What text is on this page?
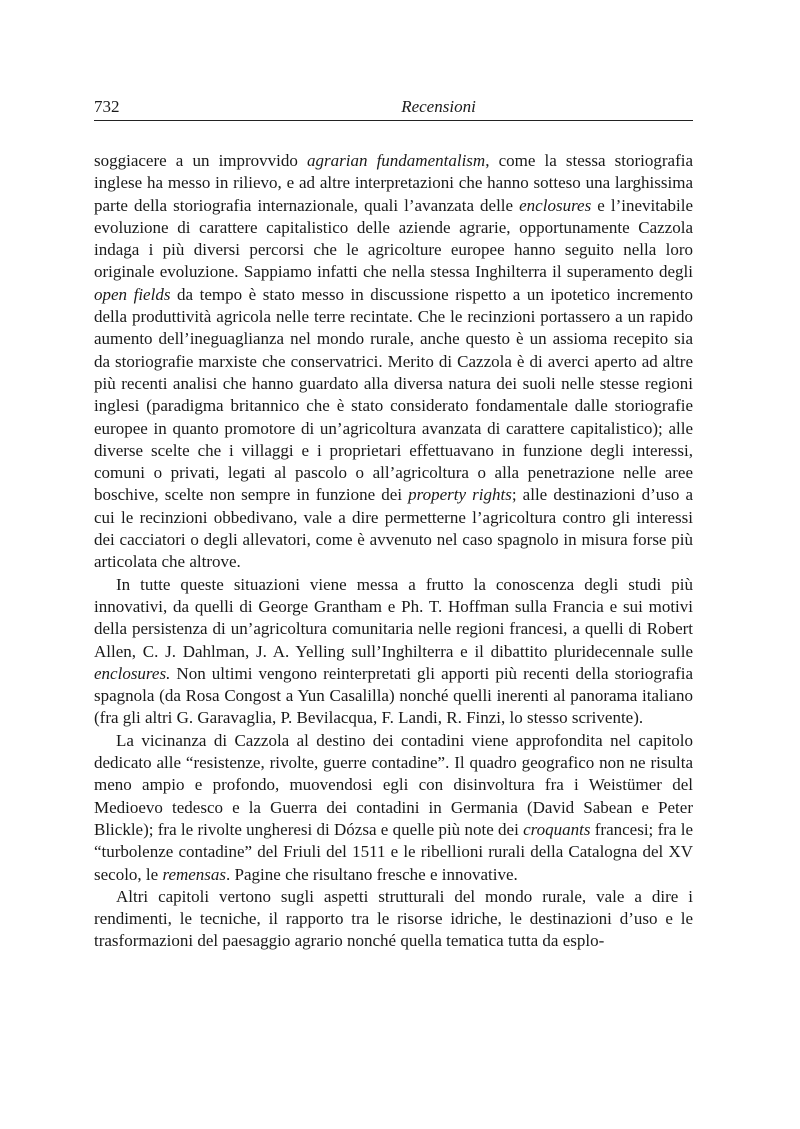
732	Recensioni

soggiacere a un improvvido agrarian fundamentalism, come la stessa storiografia inglese ha messo in rilievo, e ad altre interpretazioni che hanno sotteso una larghissima parte della storiografia internazionale, quali l’avanzata delle enclosures e l’inevitabile evoluzione di carattere capitalistico delle aziende agrarie, opportunamente Cazzola indaga i più diversi percorsi che le agricolture europee hanno seguito nella loro originale evoluzione. Sappiamo infatti che nella stessa Inghilterra il superamento degli open fields da tempo è stato messo in discussione rispetto a un ipotetico incremento della produttività agricola nelle terre recintate. Che le recinzioni portassero a un rapido aumento dell’ineguaglianza nel mondo rurale, anche questo è un assioma recepito sia da storiografie marxiste che conservatrici. Merito di Cazzola è di averci aperto ad altre più recenti analisi che hanno guardato alla diversa natura dei suoli nelle stesse regioni inglesi (paradigma britannico che è stato considerato fondamentale dalle storiografie europee in quanto promotore di un’agricoltura avanzata di carattere capitalistico); alle diverse scelte che i villaggi e i proprietari effettuavano in funzione degli interessi, comuni o privati, legati al pascolo o all’agricoltura o alla penetrazione nelle aree boschive, scelte non sempre in funzione dei property rights; alle destinazioni d’uso a cui le recinzioni obbedivano, vale a dire permetterne l’agricoltura contro gli interessi dei cacciatori o degli allevatori, come è avvenuto nel caso spagnolo in misura forse più articolata che altrove.

In tutte queste situazioni viene messa a frutto la conoscenza degli studi più innovativi, da quelli di George Grantham e Ph. T. Hoffman sulla Francia e sui motivi della persistenza di un’agricoltura comunitaria nelle regioni francesi, a quelli di Robert Allen, C. J. Dahlman, J. A. Yelling sull’Inghilterra e il dibattito pluridecennale sulle enclosures. Non ultimi vengono reinterpretati gli apporti più recenti della storiografia spagnola (da Rosa Congost a Yun Casalilla) nonché quelli inerenti al panorama italiano (fra gli altri G. Garavaglia, P. Bevilacqua, F. Landi, R. Finzi, lo stesso scrivente).

La vicinanza di Cazzola al destino dei contadini viene approfondita nel capitolo dedicato alle “resistenze, rivolte, guerre contadine”. Il quadro geografico non ne risulta meno ampio e profondo, muovendosi egli con disinvoltura fra i Weistümer del Medioevo tedesco e la Guerra dei contadini in Germania (David Sabean e Peter Blickle); fra le rivolte ungheresi di Dózsa e quelle più note dei croquants francesi; fra le “turbolenze contadine” del Friuli del 1511 e le ribellioni rurali della Catalogna del XV secolo, le remensas. Pagine che risultano fresche e innovative.

Altri capitoli vertono sugli aspetti strutturali del mondo rurale, vale a dire i rendimenti, le tecniche, il rapporto tra le risorse idriche, le destinazioni d’uso e le trasformazioni del paesaggio agrario nonché quella tematica tutta da esplo-
